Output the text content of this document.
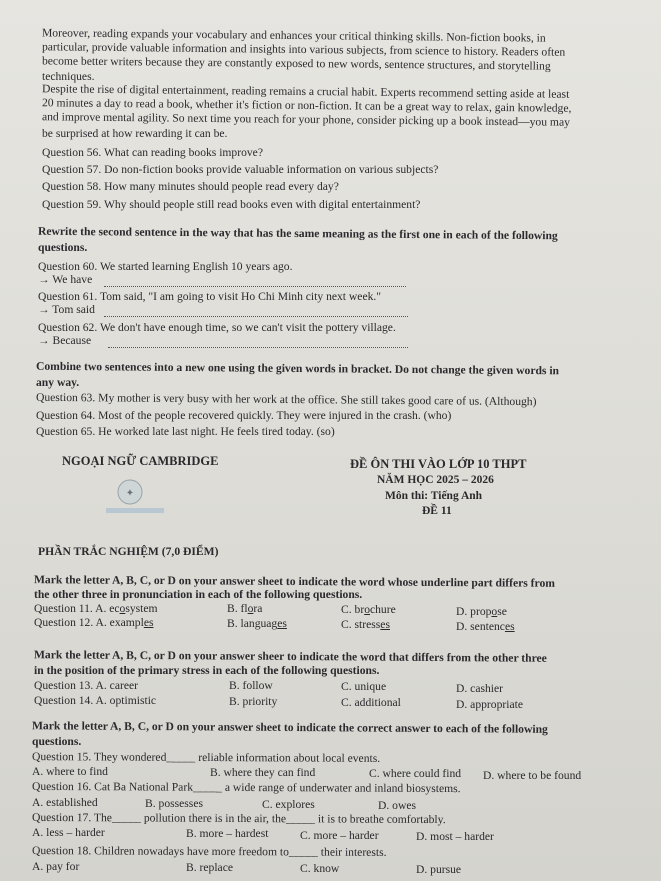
Moreover, reading expands your vocabulary and enhances your critical thinking skills. Non-fiction books, in
particular, provide valuable information and insights into various subjects, from science to history. Readers often
become better writers because they are constantly exposed to new words, sentence structures, and storytelling
techniques.
Despite the rise of digital entertainment, reading remains a crucial habit. Experts recommend setting aside at least
20 minutes a day to read a book, whether it's fiction or non-fiction. It can be a great way to relax, gain knowledge,
and improve mental agility. So next time you reach for your phone, consider picking up a book instead—you may
be surprised at how rewarding it can be.
Question 56. What can reading books improve?
Question 57. Do non-fiction books provide valuable information on various subjects?
Question 58. How many minutes should people read every day?
Question 59. Why should people still read books even with digital entertainment?
Rewrite the second sentence in the way that has the same meaning as the first one in each of the following
questions.
Question 60. We started learning English 10 years ago.
→ We have
Question 61. Tom said, "I am going to visit Ho Chi Minh city next week."
→ Tom said
Question 62. We don't have enough time, so we can't visit the pottery village.
→ Because
Combine two sentences into a new one using the given words in bracket. Do not change the given words in
any way.
Question 63. My mother is very busy with her work at the office. She still takes good care of us. (Although)
Question 64. Most of the people recovered quickly. They were injured in the crash. (who)
Question 65. He worked late last night. He feels tired today. (so)
NGOẠI NGỮ CAMBRIDGE
✦
ĐỀ ÔN THI VÀO LỚP 10 THPT
NĂM HỌC 2025 – 2026
Môn thi: Tiếng Anh
ĐỀ 11
PHẦN TRẮC NGHIỆM (7,0 ĐIỂM)
Mark the letter A, B, C, or D on your answer sheet to indicate the word whose underline part differs from
the other three in pronunciation in each of the following questions.
Question 11. A. ecosystem	B. flora	C. brochure	D. propose
Question 12. A. examples	B. languages	C. stresses	D. sentences
Mark the letter A, B, C, or D on your answer sheer to indicate the word that differs from the other three
in the position of the primary stress in each of the following questions.
Question 13. A. career	B. follow	C. unique	D. cashier
Question 14. A. optimistic	B. priority	C. additional	D. appropriate
Mark the letter A, B, C, or D on your answer sheet to indicate the correct answer to each of the following
questions.
Question 15. They wondered_____ reliable information about local events.
A. where to find	B. where they can find	C. where could find D. where to be found
Question 16. Cat Ba National Park_____ a wide range of underwater and inland biosystems.
A. established	B. possesses	C. explores	D. owes
Question 17. The_____ pollution there is in the air, the_____ it is to breathe comfortably.
A. less – harder	B. more – hardest	C. more – harder	D. most – harder
Question 18. Children nowadays have more freedom to_____ their interests.
A. pay for	B. replace	C. know	D. pursue
